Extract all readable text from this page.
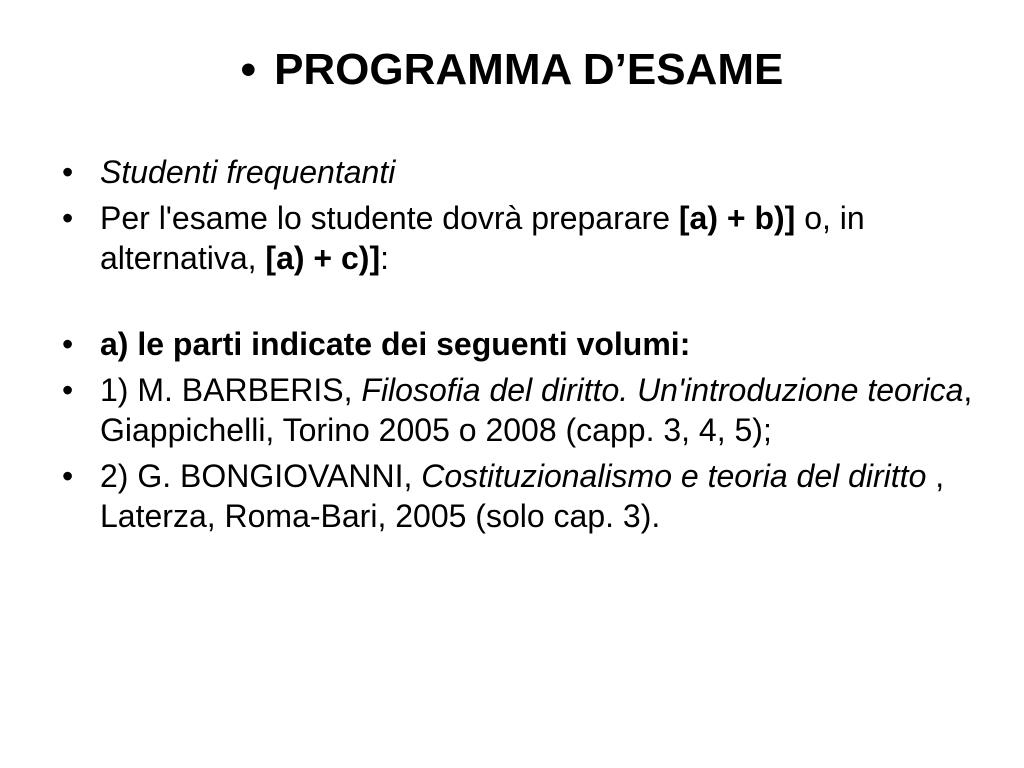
• PROGRAMMA D’ESAME
• Studenti frequentanti
• Per l'esame lo studente dovrà preparare [a) + b)] o, in alternativa, [a) + c)]:
• a) le parti indicate dei seguenti volumi:
• 1) M. BARBERIS, Filosofia del diritto. Un'introduzione teorica, Giappichelli, Torino 2005 o 2008 (capp. 3, 4, 5);
• 2) G. BONGIOVANNI, Costituzionalismo e teoria del diritto , Laterza, Roma-Bari, 2005 (solo cap. 3).
